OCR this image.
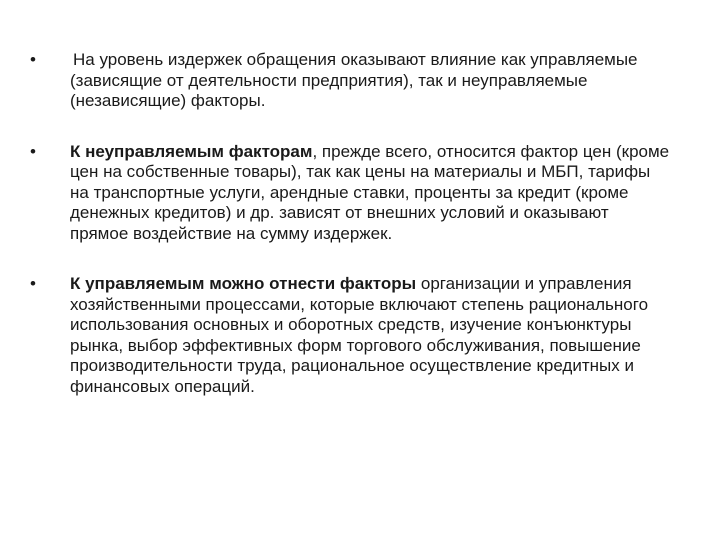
•	На уровень издержек обращения оказывают влияние как управляемые (зависящие от деятельности предприятия), так и неуправляемые (независящие) факторы.
•	К неуправляемым факторам, прежде всего, относится фактор цен (кроме цен на собственные товары), так как цены на материалы и МБП, тарифы на транспортные услуги, арендные ставки, проценты за кредит (кроме денежных кредитов) и др. зависят от внешних условий и оказывают прямое воздействие на сумму издержек.
•	К управляемым можно отнести факторы организации и управления хозяйственными процессами, которые включают степень рационального использования основных и оборотных средств, изучение конъюнктуры рынка, выбор эффективных форм торгового обслуживания, повышение производительности труда, рациональное осуществление кредитных и финансовых операций.
